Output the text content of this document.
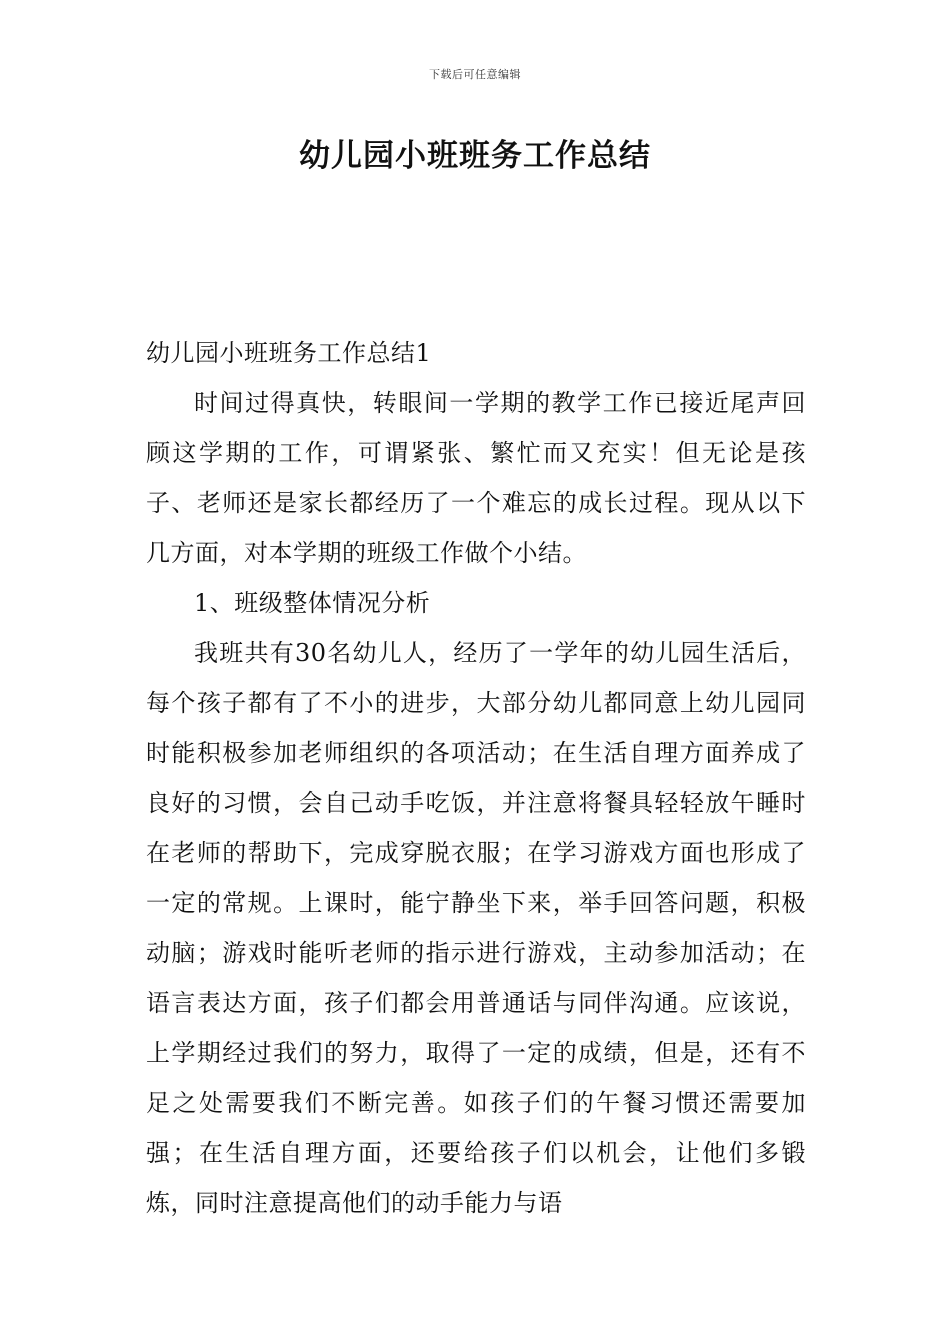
下载后可任意编辑
幼儿园小班班务工作总结

幼儿园小班班务工作总结1

时间过得真快，转眼间一学期的教学工作已接近尾声回顾这学期的工作，可谓紧张、繁忙而又充实！但无论是孩子、老师还是家长都经历了一个难忘的成长过程。现从以下几方面，对本学期的班级工作做个小结。

1、班级整体情况分析

我班共有30名幼儿人，经历了一学年的幼儿园生活后，每个孩子都有了不小的进步，大部分幼儿都同意上幼儿园同时能积极参加老师组织的各项活动；在生活自理方面养成了良好的习惯，会自己动手吃饭，并注意将餐具轻轻放午睡时在老师的帮助下，完成穿脱衣服；在学习游戏方面也形成了一定的常规。上课时，能宁静坐下来，举手回答问题，积极动脑；游戏时能听老师的指示进行游戏，主动参加活动；在语言表达方面，孩子们都会用普通话与同伴沟通。应该说，上学期经过我们的努力，取得了一定的成绩，但是，还有不足之处需要我们不断完善。如孩子们的午餐习惯还需要加强；在生活自理方面，还要给孩子们以机会，让他们多锻炼，同时注意提高他们的动手能力与语
